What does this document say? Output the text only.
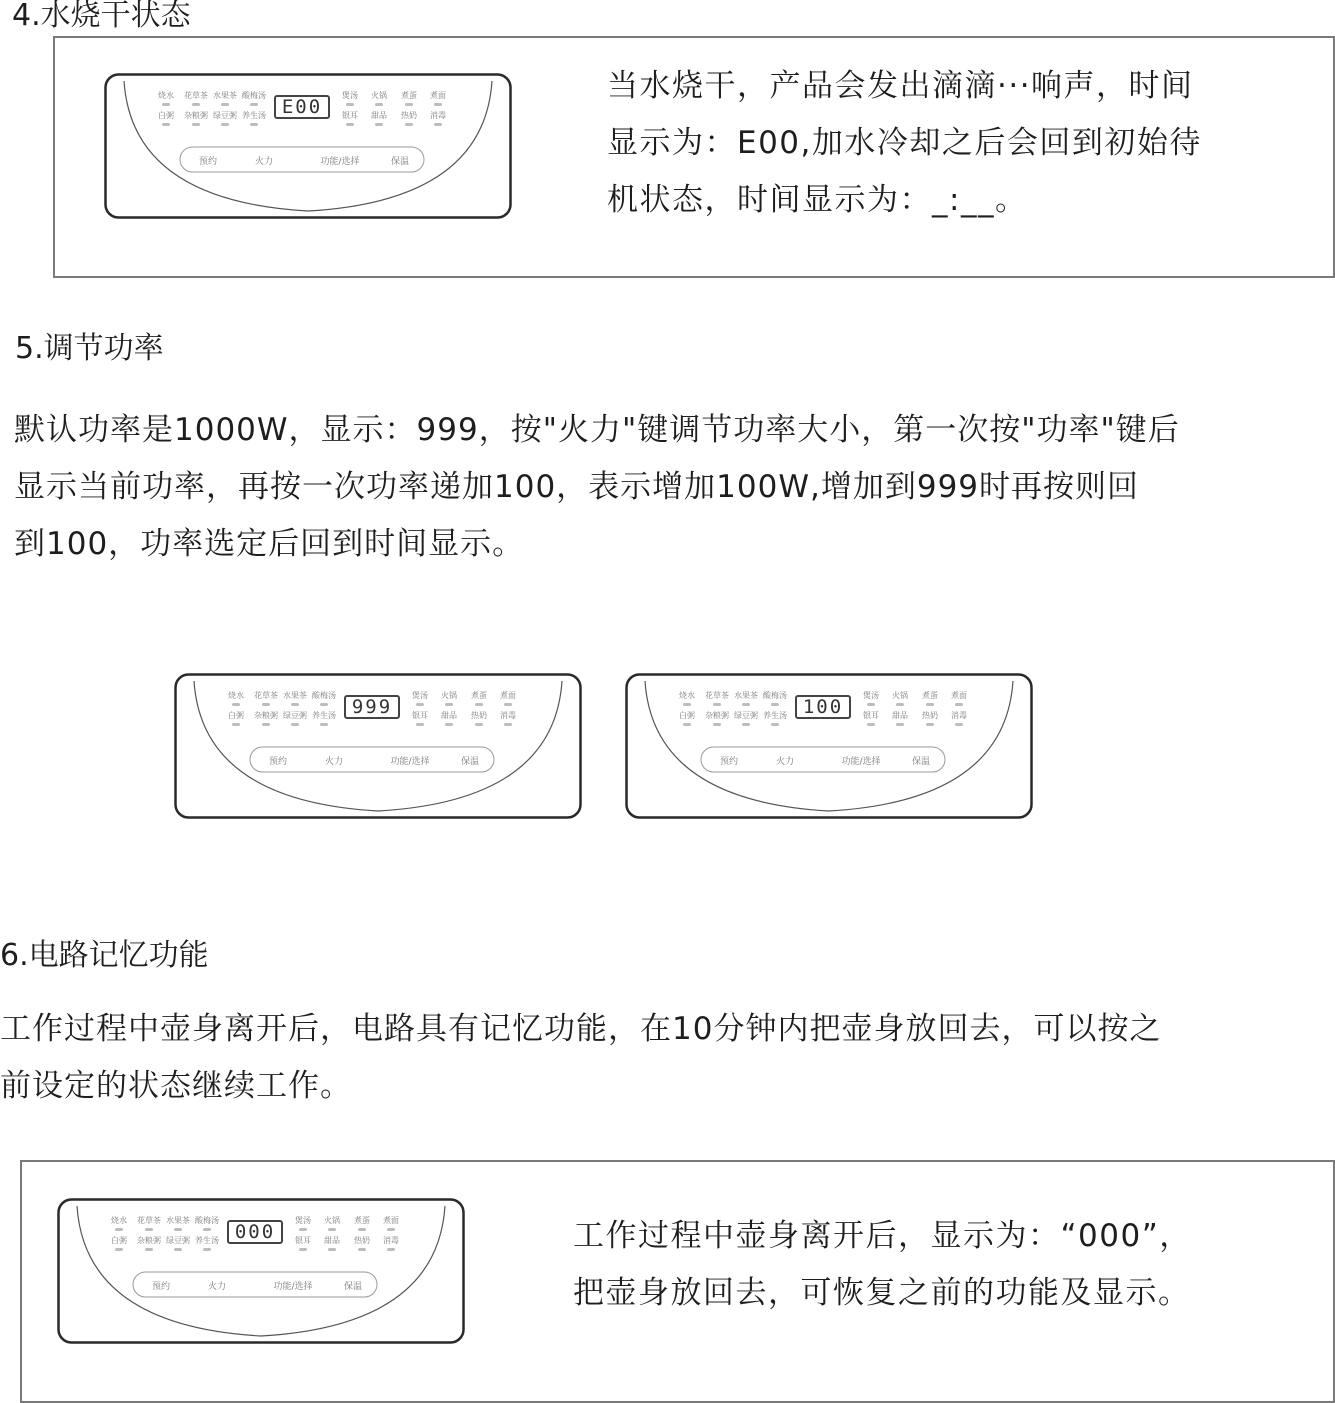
4.水烧干状态
烧水 花草茶 水果茶 酸梅汤	煲汤 火锅 煮蛋 煮面
白粥 杂粮粥 绿豆粥 养生汤	银耳 甜品 热奶 消毒
预约	火力	功能/选择	保温
E00

当水烧干，产品会发出滴滴···响声，时间

显示为：E00,加水冷却之后会回到初始待

机状态，时间显示为：_:__。

5.调节功率

默认功率是1000W，显示：999，按"火力"键调节功率大小，第一次按"功率"键后

显示当前功率，再按一次功率递加100，表示增加100W,增加到999时再按则回

到100，功率选定后回到时间显示。

烧水 花草茶 水果茶 酸梅汤	煲汤 火锅 煮蛋 煮面
白粥 杂粮粥 绿豆粥 养生汤	银耳 甜品 热奶 消毒
预约	火力	功能/选择	保温
999
烧水 花草茶 水果茶 酸梅汤	煲汤 火锅 煮蛋 煮面
白粥 杂粮粥 绿豆粥 养生汤	银耳 甜品 热奶 消毒
预约	火力	功能/选择	保温
100
6.电路记忆功能

工作过程中壶身离开后，电路具有记忆功能，在10分钟内把壶身放回去，可以按之

前设定的状态继续工作。

烧水 花草茶 水果茶 酸梅汤	煲汤 火锅 煮蛋 煮面
白粥 杂粮粥 绿豆粥 养生汤	银耳 甜品 热奶 消毒
预约	火力	功能/选择	保温
000	工作过程中壶身离开后，显示为：“000”，

把壶身放回去，可恢复之前的功能及显示。
